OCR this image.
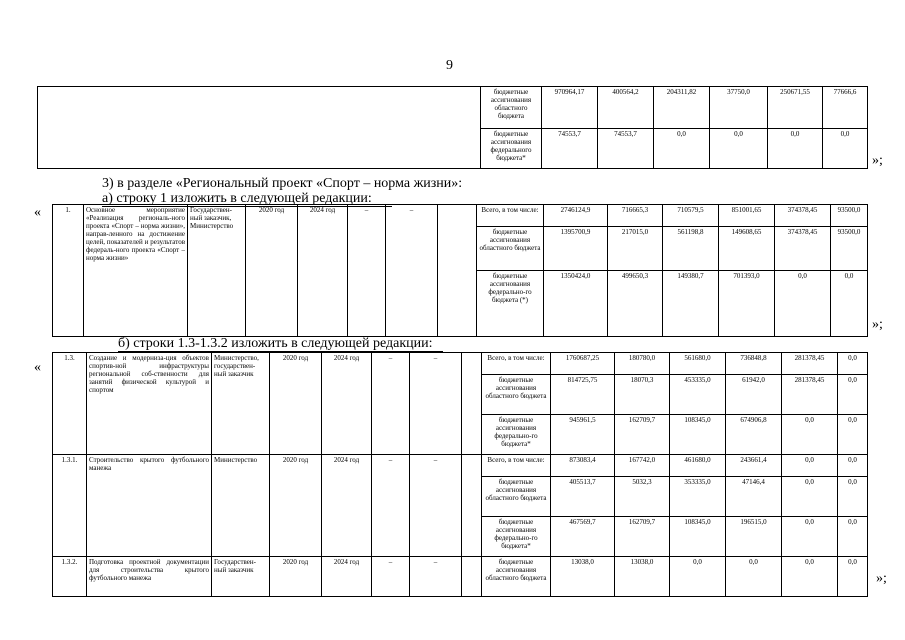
9
	бюджетные ассигнования областного бюджета	970964,17	400564,2	204311,82	37750,0	250671,55	77666,6
	бюджетные ассигнования федерального бюджета*	74553,7	74553,7	0,0	0,0	0,0	0,0
»;
3) в разделе «Региональный проект «Спорт – норма жизни»:
а) строку 1 изложить в следующей редакции:
«	1.	Основное мероприятие «Реализация региональ-ного проекта «Спорт – норма жизни», направ-ленного на достижение целей, показателей и результатов федераль-ного проекта «Спорт – норма жизни»	Государствен-ный заказчик, Министерство	2020 год	2024 год	–	–		Всего, в том числе:	2746124,9	716665,3	710579,5	851001,65	374378,45	93500,0
								бюджетные ассигнования областного бюджета	1395700,9	217015,0	561198,8	149608,65	374378,45	93500,0
								бюджетные ассигнования федерально-го бюджета (*)	1350424,0	499650,3	149380,7	701393,0	0,0	0,0
»;
б) строки 1.3-1.3.2 изложить в следующей редакции:
«
1.3.	Создание и модерниза-ция объектов спортив-ной инфраструктуры региональной соб-ственности для занятий физической культурой и спортом	Министерство, государствен-ный заказчик	2020 год	2024 год	–	–		Всего, в том числе:	1760687,25	180780,0	561680,0	736848,8	281378,45	0,0
								бюджетные ассигнования областного бюджета	814725,75	18070,3	453335,0	61942,0	281378,45	0,0
								бюджетные ассигнования федерально-го бюджета*	945961,5	162709,7	108345,0	674906,8	0,0	0,0
1.3.1.	Строительство крытого футбольного манежа	Министерство	2020 год	2024 год	–	–		Всего, в том числе:	873083,4	167742,0	461680,0	243661,4	0,0	0,0
								бюджетные ассигнования областного бюджета	405513,7	5032,3	353335,0	47146,4	0,0	0,0
								бюджетные ассигнования федерально-го бюджета*	467569,7	162709,7	108345,0	196515,0	0,0	0,0
1.3.2.	Подготовка проектной документации для строительства крытого футбольного манежа	Государствен-ный заказчик	2020 год	2024 год	–	–		бюджетные ассигнования областного бюджета	13038,0	13038,0	0,0	0,0	0,0	0,0
»;
